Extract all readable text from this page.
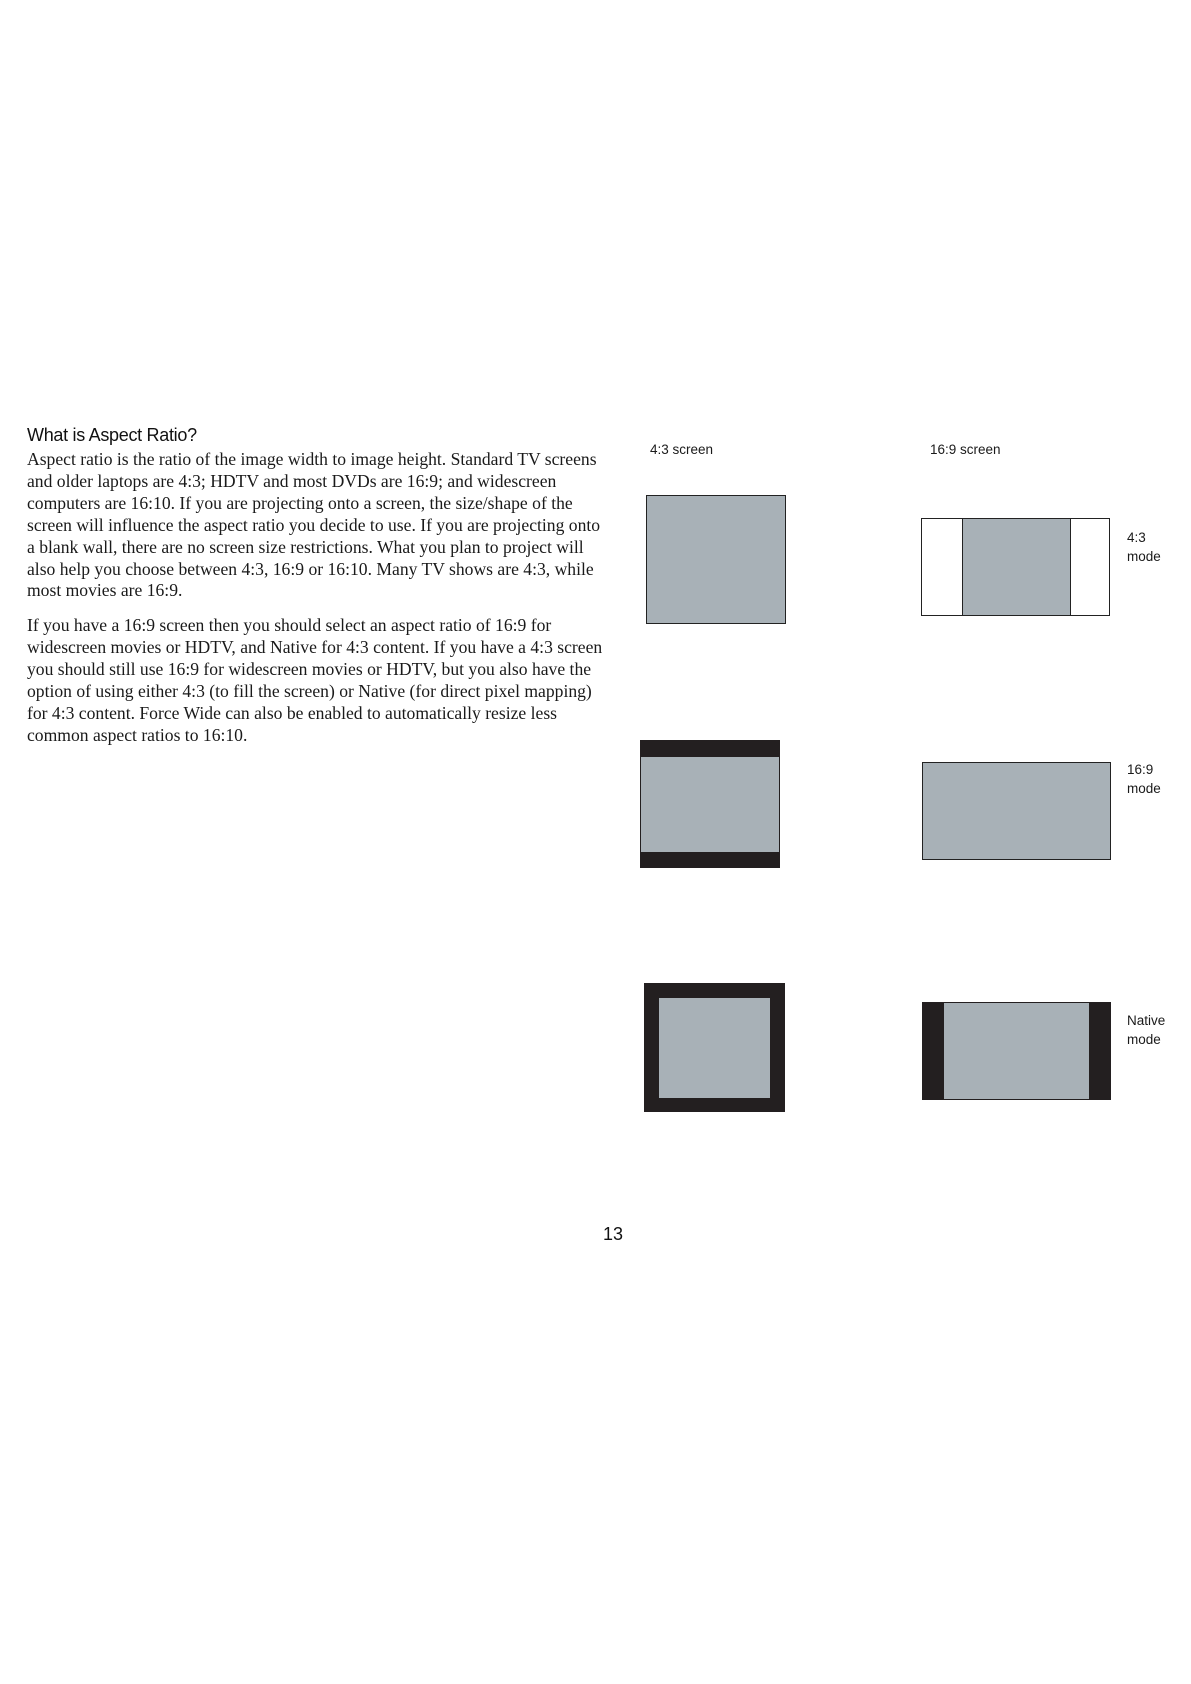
What is Aspect Ratio?

Aspect ratio is the ratio of the image width to image height. Standard TV screens and older laptops are 4:3; HDTV and most DVDs are 16:9; and widescreen computers are 16:10. If you are projecting onto a screen, the size/shape of the screen will influence the aspect ratio you decide to use. If you are projecting onto a blank wall, there are no screen size restrictions. What you plan to project will also help you choose between 4:3, 16:9 or 16:10. Many TV shows are 4:3, while most movies are 16:9.

If you have a 16:9 screen then you should select an aspect ratio of 16:9 for widescreen movies or HDTV, and Native for 4:3 content. If you have a 4:3 screen you should still use 16:9 for widescreen movies or HDTV, but you also have the option of using either 4:3 (to fill the screen) or Native (for direct pixel mapping) for 4:3 content. Force Wide can also be enabled to automatically resize less common aspect ratios to 16:10.

4:3 screen	16:9 screen
4:3
mode
16:9
mode
Native
mode
13
